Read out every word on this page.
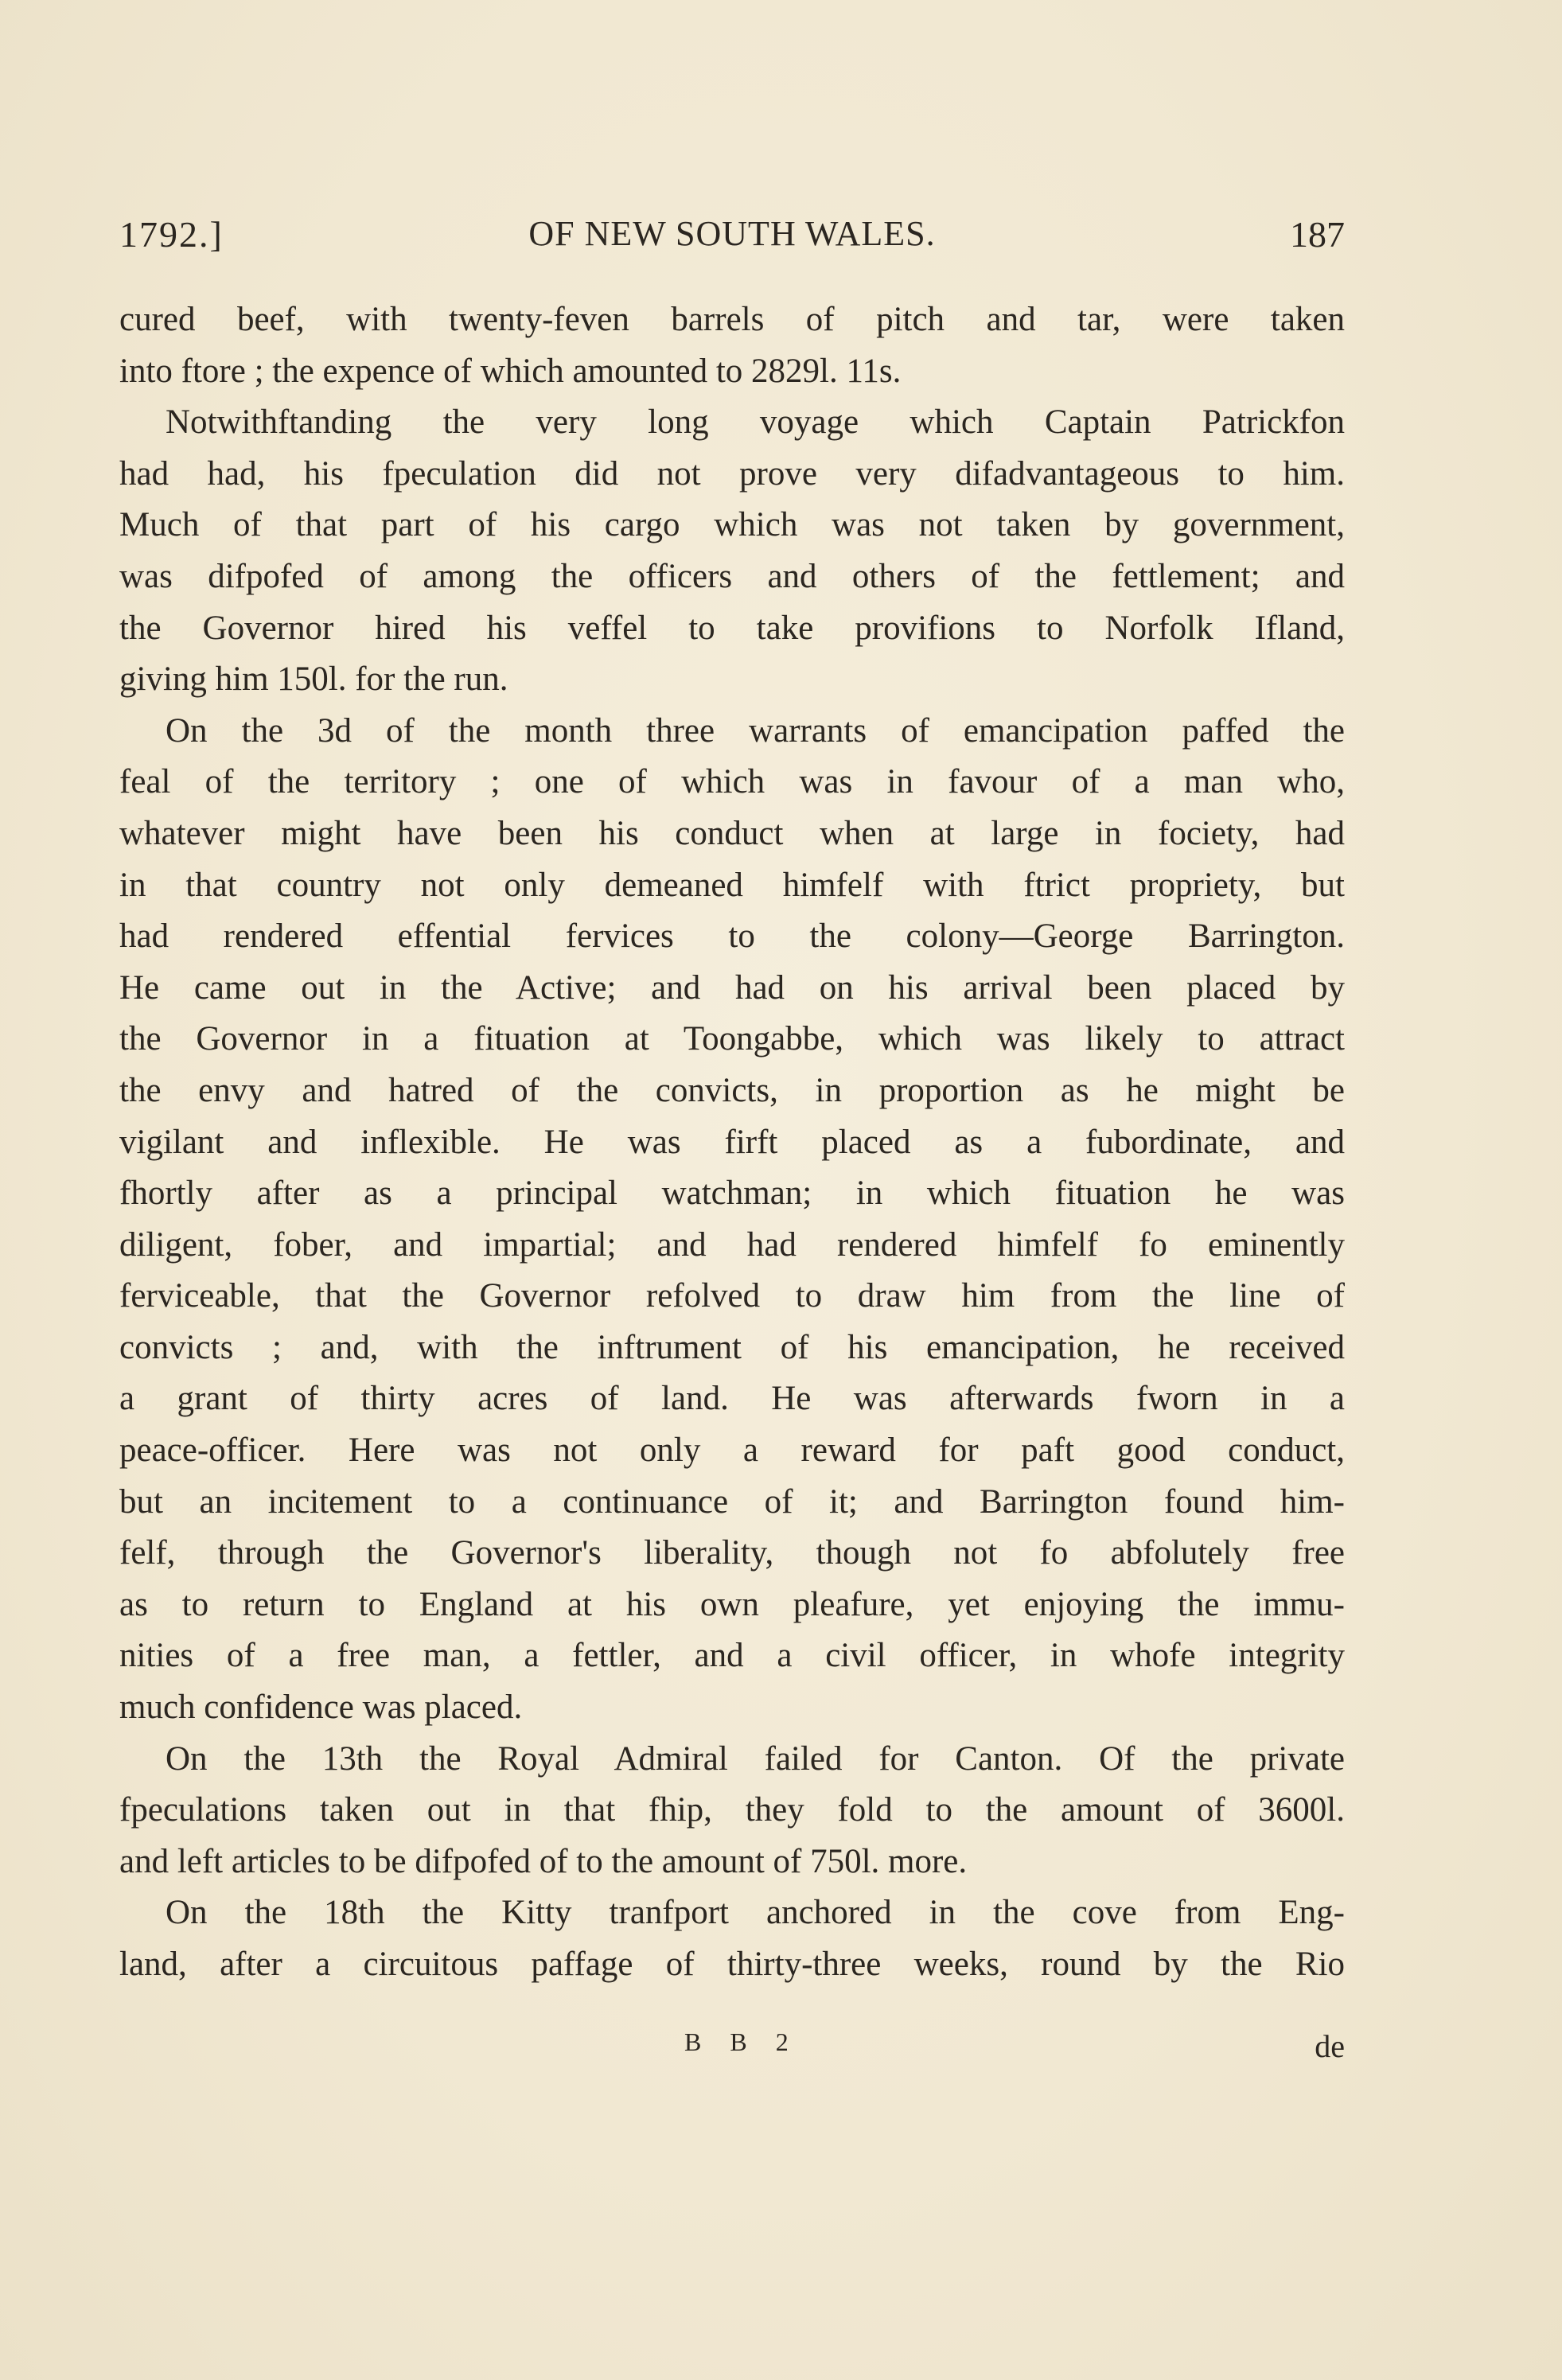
1792.]	OF NEW SOUTH WALES.	187
cured beef, with twenty-feven barrels of pitch and tar, were taken
into ftore ; the expence of which amounted to 2829l. 11s.
Notwithftanding the very long voyage which Captain Patrickfon
had had, his fpeculation did not prove very difadvantageous to him.
Much of that part of his cargo which was not taken by government,
was difpofed of among the officers and others of the fettlement; and
the Governor hired his veffel to take provifions to Norfolk Ifland,
giving him 150l. for the run.
On the 3d of the month three warrants of emancipation paffed the
feal of the territory ; one of which was in favour of a man who,
whatever might have been his conduct when at large in fociety, had
in that country not only demeaned himfelf with ftrict propriety, but
had rendered effential fervices to the colony—George Barrington.
He came out in the Active; and had on his arrival been placed by
the Governor in a fituation at Toongabbe, which was likely to attract
the envy and hatred of the convicts, in proportion as he might be
vigilant and inflexible. He was firft placed as a fubordinate, and
fhortly after as a principal watchman; in which fituation he was
diligent, fober, and impartial; and had rendered himfelf fo eminently
ferviceable, that the Governor refolved to draw him from the line of
convicts ; and, with the inftrument of his emancipation, he received
a grant of thirty acres of land. He was afterwards fworn in a
peace-officer. Here was not only a reward for paft good conduct,
but an incitement to a continuance of it; and Barrington found him-
felf, through the Governor's liberality, though not fo abfolutely free
as to return to England at his own pleafure, yet enjoying the immu-
nities of a free man, a fettler, and a civil officer, in whofe integrity
much confidence was placed.
On the 13th the Royal Admiral failed for Canton. Of the private
fpeculations taken out in that fhip, they fold to the amount of 3600l.
and left articles to be difpofed of to the amount of 750l. more.
On the 18th the Kitty tranfport anchored in the cove from Eng-
land, after a circuitous paffage of thirty-three weeks, round by the Rio
B B 2	de
